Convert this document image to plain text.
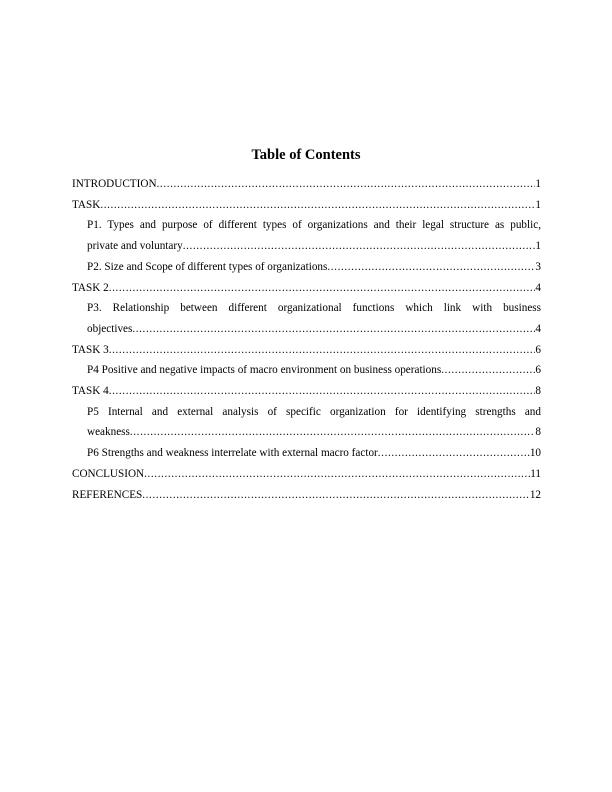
Table of Contents
INTRODUCTION .....	1
TASK .....	1
P1. Types and purpose of different types of organizations and their legal structure as public,
private and voluntary .....	1
P2. Size and Scope of different types of organizations .....	3
TASK 2 .....	4
P3. Relationship between different organizational functions which link with business
objectives .....	4
TASK 3 .....	6
P4 Positive and negative impacts of macro environment on business operations .....	6
TASK 4 .....	8
P5 Internal and external analysis of specific organization for identifying strengths and
weakness .....	8
P6 Strengths and weakness interrelate with external macro factor .....	10
CONCLUSION .....	11
REFERENCES .....	12
